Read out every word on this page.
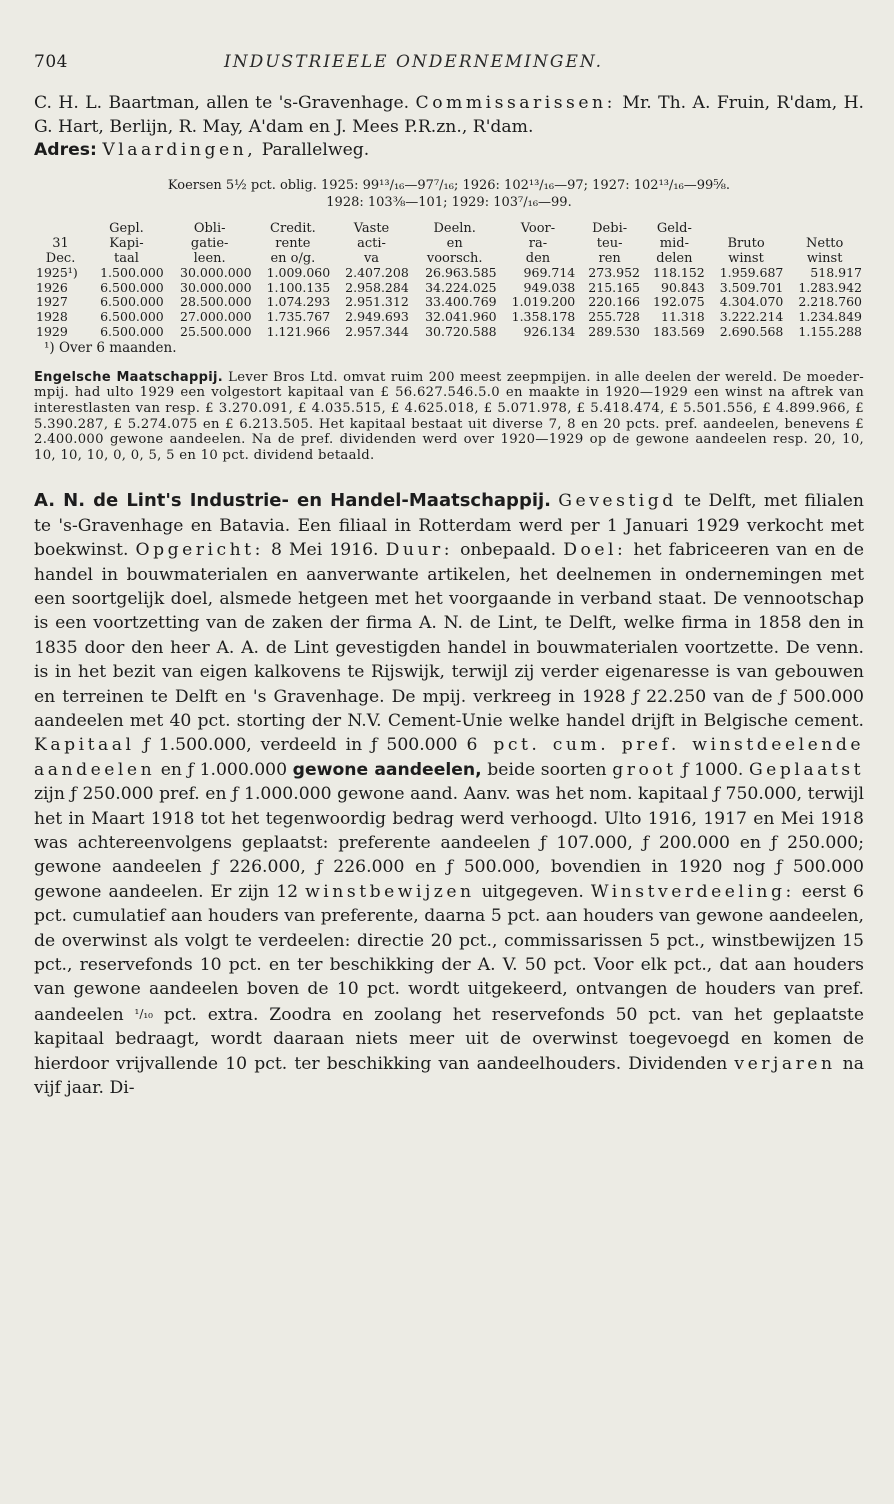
704	INDUSTRIEELE ONDERNEMINGEN.

C. H. L. Baartman, allen te 's-Gravenhage. Commissarissen: Mr. Th. A. Fruin, R'dam, H. G. Hart, Berlijn, R. May, A'dam en J. Mees P.R.zn., R'dam.
Adres: Vlaardingen, Parallelweg.

Koersen 5½ pct. oblig. 1925: 99¹³/₁₆—97⁷/₁₆; 1926: 102¹³/₁₆—97; 1927: 102¹³/₁₆—99⅝.
1928: 103⅜—101; 1929: 103⁷/₁₆—99.
	Gepl.	Obli-	Credit.	Vaste	Deeln.	Voor-	Debi-	Geld-		
31	Kapi-	gatie-	rente	acti-	en	ra-	teu-	mid-	Bruto	Netto
Dec.	taal	leen.	en o/g.	va	voorsch.	den	ren	delen	winst	winst
1925¹)	1.500.000	30.000.000	1.009.060	2.407.208	26.963.585	969.714	273.952	118.152	1.959.687	518.917
1926	6.500.000	30.000.000	1.100.135	2.958.284	34.224.025	949.038	215.165	90.843	3.509.701	1.283.942
1927	6.500.000	28.500.000	1.074.293	2.951.312	33.400.769	1.019.200	220.166	192.075	4.304.070	2.218.760
1928	6.500.000	27.000.000	1.735.767	2.949.693	32.041.960	1.358.178	255.728	11.318	3.222.214	1.234.849
1929	6.500.000	25.500.000	1.121.966	2.957.344	30.720.588	926.134	289.530	183.569	2.690.568	1.155.288
¹) Over 6 maanden.

Engelsche Maatschappij. Lever Bros Ltd. omvat ruim 200 meest zeepmpijen. in alle deelen der wereld. De moeder-mpij. had ulto 1929 een volgestort kapitaal van £ 56.627.546.5.0 en maakte in 1920—1929 een winst na aftrek van interestlasten van resp. £ 3.270.091, £ 4.035.515, £ 4.625.018, £ 5.071.978, £ 5.418.474, £ 5.501.556, £ 4.899.966, £ 5.390.287, £ 5.274.075 en £ 6.213.505. Het kapitaal bestaat uit diverse 7, 8 en 20 pcts. pref. aandeelen, benevens £ 2.400.000 gewone aandeelen. Na de pref. dividenden werd over 1920—1929 op de gewone aandeelen resp. 20, 10, 10, 10, 10, 0, 0, 5, 5 en 10 pct. dividend betaald.

A. N. de Lint's Industrie- en Handel-Maatschappij. Gevestigd te Delft, met filialen te 's-Gravenhage en Batavia. Een filiaal in Rotterdam werd per 1 Januari 1929 verkocht met boekwinst. Opgericht: 8 Mei 1916. Duur: onbepaald. Doel: het fabriceeren van en de handel in bouwmaterialen en aanverwante artikelen, het deelnemen in ondernemingen met een soortgelijk doel, alsmede hetgeen met het voorgaande in verband staat. De vennootschap is een voortzetting van de zaken der firma A. N. de Lint, te Delft, welke firma in 1858 den in 1835 door den heer A. A. de Lint gevestigden handel in bouwmaterialen voortzette. De venn. is in het bezit van eigen kalkovens te Rijswijk, terwijl zij verder eigenaresse is van gebouwen en terreinen te Delft en 's Gravenhage. De mpij. verkreeg in 1928 ƒ 22.250 van de ƒ 500.000 aandeelen met 40 pct. storting der N.V. Cement-Unie welke handel drijft in Belgische cement. Kapitaal ƒ 1.500.000, verdeeld in ƒ 500.000 6 pct. cum. pref. winstdeelende aandeelen en ƒ 1.000.000 gewone aandeelen, beide soorten groot ƒ 1000. Geplaatst zijn ƒ 250.000 pref. en ƒ 1.000.000 gewone aand. Aanv. was het nom. kapitaal ƒ 750.000, terwijl het in Maart 1918 tot het tegenwoordig bedrag werd verhoogd. Ulto 1916, 1917 en Mei 1918 was achtereenvolgens geplaatst: preferente aandeelen ƒ 107.000, ƒ 200.000 en ƒ 250.000; gewone aandeelen ƒ 226.000, ƒ 226.000 en ƒ 500.000, bovendien in 1920 nog ƒ 500.000 gewone aandeelen. Er zijn 12 winstbewijzen uitgegeven. Winstverdeeling: eerst 6 pct. cumulatief aan houders van preferente, daarna 5 pct. aan houders van gewone aandeelen, de overwinst als volgt te verdeelen: directie 20 pct., commissarissen 5 pct., winstbewijzen 15 pct., reservefonds 10 pct. en ter beschikking der A. V. 50 pct. Voor elk pct., dat aan houders van gewone aandeelen boven de 10 pct. wordt uitgekeerd, ontvangen de houders van pref. aandeelen ¹/₁₀ pct. extra. Zoodra en zoolang het reservefonds 50 pct. van het geplaatste kapitaal bedraagt, wordt daaraan niets meer uit de overwinst toegevoegd en komen de hierdoor vrijvallende 10 pct. ter beschikking van aandeelhouders. Dividenden verjaren na vijf jaar. Di-
